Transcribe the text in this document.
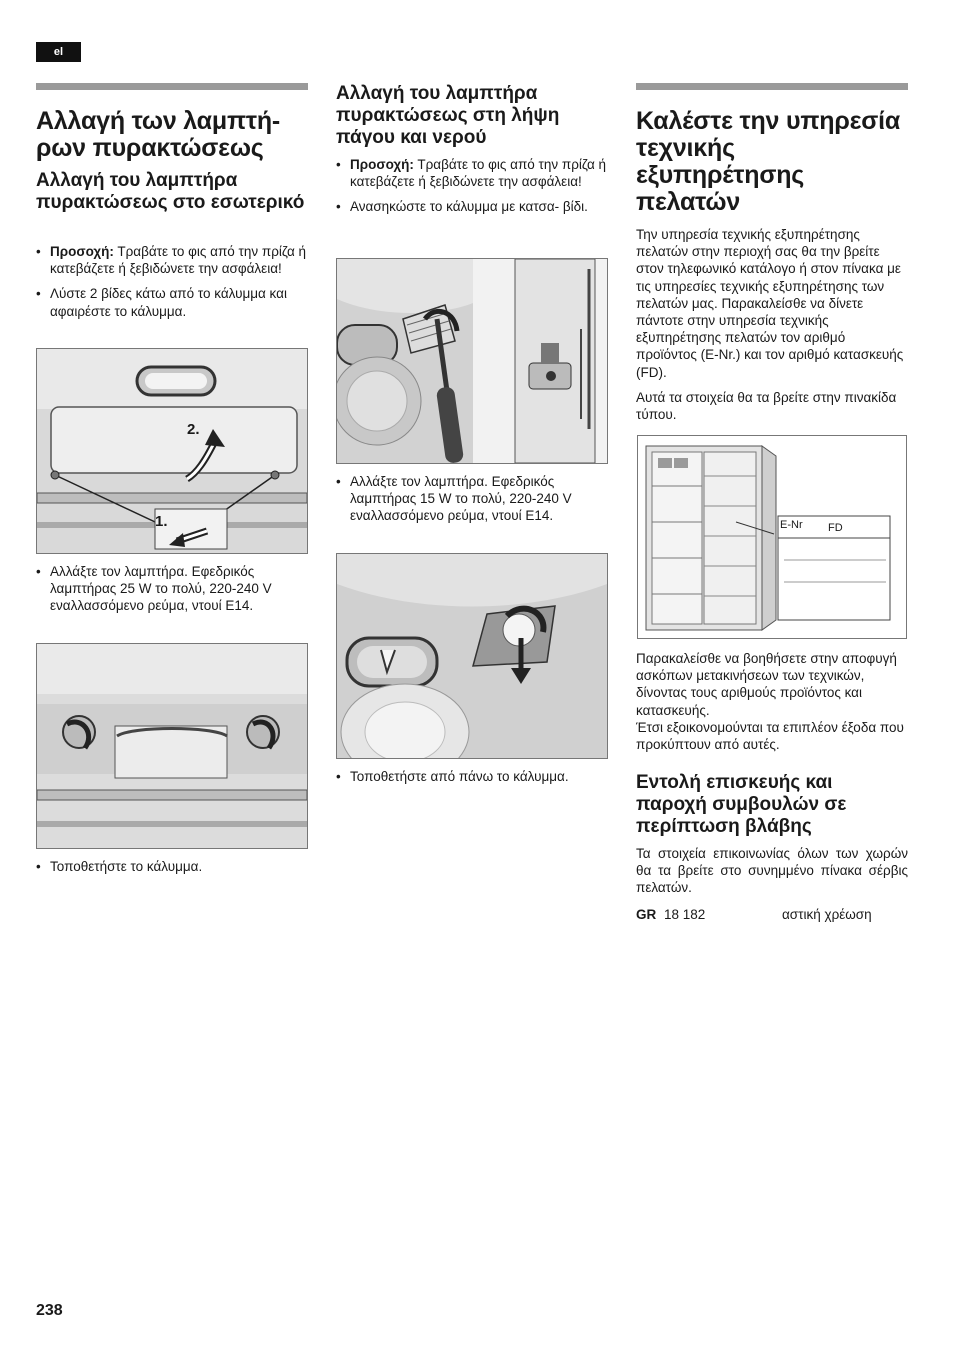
el
Αλλαγή των λαμπτή- ρων πυρακτώσεως
Αλλαγή του λαμπτήρα πυρακτώσεως στο εσωτερικό
• Προσοχή: Τραβάτε το φις από την πρίζα ή κατεβάζετε ή ξεβιδώνετε την ασφάλεια!
• Λύστε 2 βίδες κάτω από το κάλυμμα και αφαιρέστε το κάλυμμα.
2.
1.
• Αλλάξτε τον λαμπτήρα. Εφεδρικός λαμπτήρας 25 W το πολύ, 220-240 V εναλλασσόμενο ρεύμα, ντουί E14.
• Τοποθετήστε το κάλυμμα.
Αλλαγή του λαμπτήρα πυρακτώσεως στη λήψη πάγου και νερού
• Προσοχή: Τραβάτε το φις από την πρίζα ή κατεβάζετε ή ξεβιδώνετε την ασφάλεια!
• Ανασηκώστε το κάλυμμα με κατσα- βίδι.
• Αλλάξτε τον λαμπτήρα. Εφεδρικός λαμπτήρας 15 W το πολύ, 220-240 V εναλλασσόμενο ρεύμα, ντουί E14.
• Τοποθετήστε από πάνω το κάλυμμα.
Καλέστε την υπηρεσία τεχνικής εξυπηρέτησης πελατών

Την υπηρεσία τεχνικής εξυπηρέτησης πελατών στην περιοχή σας θα την βρείτε στον τηλεφωνικό κατάλογο ή στον πίνακα με τις υπηρεσίες τεχνικής εξυπηρέτησης των πελατών μας. Παρακαλείσθε να δίνετε πάντοτε στην υπηρεσία τεχνικής εξυπηρέτησης πελατών τον αριθμό προϊόντος (E-Nr.) και τον αριθμό κατασκευής (FD).

Αυτά τα στοιχεία θα τα βρείτε στην πινακίδα τύπου.

E-Nr FD

Παρακαλείσθε να βοηθήσετε στην αποφυγή ασκόπων μετακινήσεων των τεχνικών, δίνοντας τους αριθμούς προϊόντος και κατασκευής.

Έτσι εξοικονομούνται τα επιπλέον έξοδα που προκύπτουν από αυτές.

Εντολή επισκευής και παροχή συμβουλών σε περίπτωση βλάβης

Τα στοιχεία επικοινωνίας όλων των χωρών θα τα βρείτε στο συνημμένο πίνακα σέρβις πελατών.

GR 18 182	αστική χρέωση
238
